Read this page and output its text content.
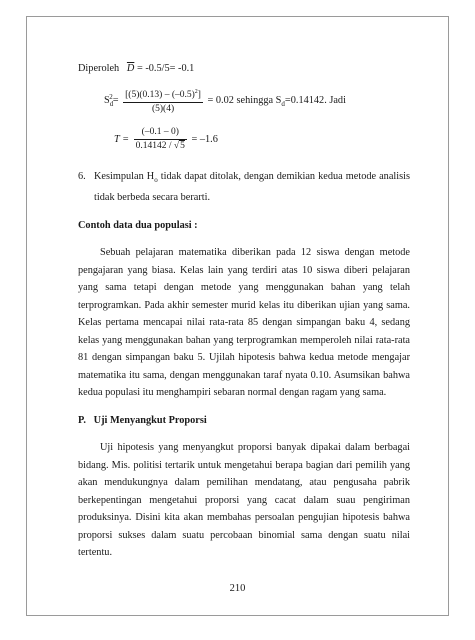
Diperoleh $\overline{D} = -0.5/5= -0.1$
$S_d^2= \frac{[(5)(0.13) - (-0.5)^2]}{(5)(4)} = 0.02$ sehingga $S_d=0.14142$. Jadi
$T = \frac{(-0.1 - 0)}{0.14142 / √5} = -1.6$
6. Kesimpulan $H_o$ tidak dapat ditolak, dengan demikian kedua metode analisis tidak berbeda secara berarti.
Contoh data dua populasi :
Sebuah pelajaran matematika diberikan pada 12 siswa dengan metode pengajaran yang biasa. Kelas lain yang terdiri atas 10 siswa diberi pelajaran yang sama tetapi dengan metode yang menggunakan bahan yang telah terprogramkan. Pada akhir semester murid kelas itu diberikan ujian yang sama. Kelas pertama mencapai nilai rata-rata 85 dengan simpangan baku 4, sedang kelas yang menggunakan bahan yang terprogramkan memperoleh nilai rata-rata 81 dengan simpangan baku 5. Ujilah hipotesis bahwa kedua metode mengajar matematika itu sama, dengan menggunakan taraf nyata 0.10. Asumsikan bahwa kedua populasi itu menghampiri sebaran normal dengan ragam yang sama.
P.   Uji Menyangkut Proporsi
Uji hipotesis yang menyangkut proporsi banyak dipakai dalam berbagai bidang. Mis. politisi tertarik untuk mengetahui berapa bagian dari pemilih yang akan mendukungnya dalam pemilihan mendatang, atau pengusaha pabrik berkepentingan mengetahui proporsi yang cacat dalam suau pengiriman produksinya. Disini kita akan membahas persoalan pengujian hipotesis bahwa proporsi sukses dalam suatu percobaan binomial sama dengan suatu nilai tertentu.
210
